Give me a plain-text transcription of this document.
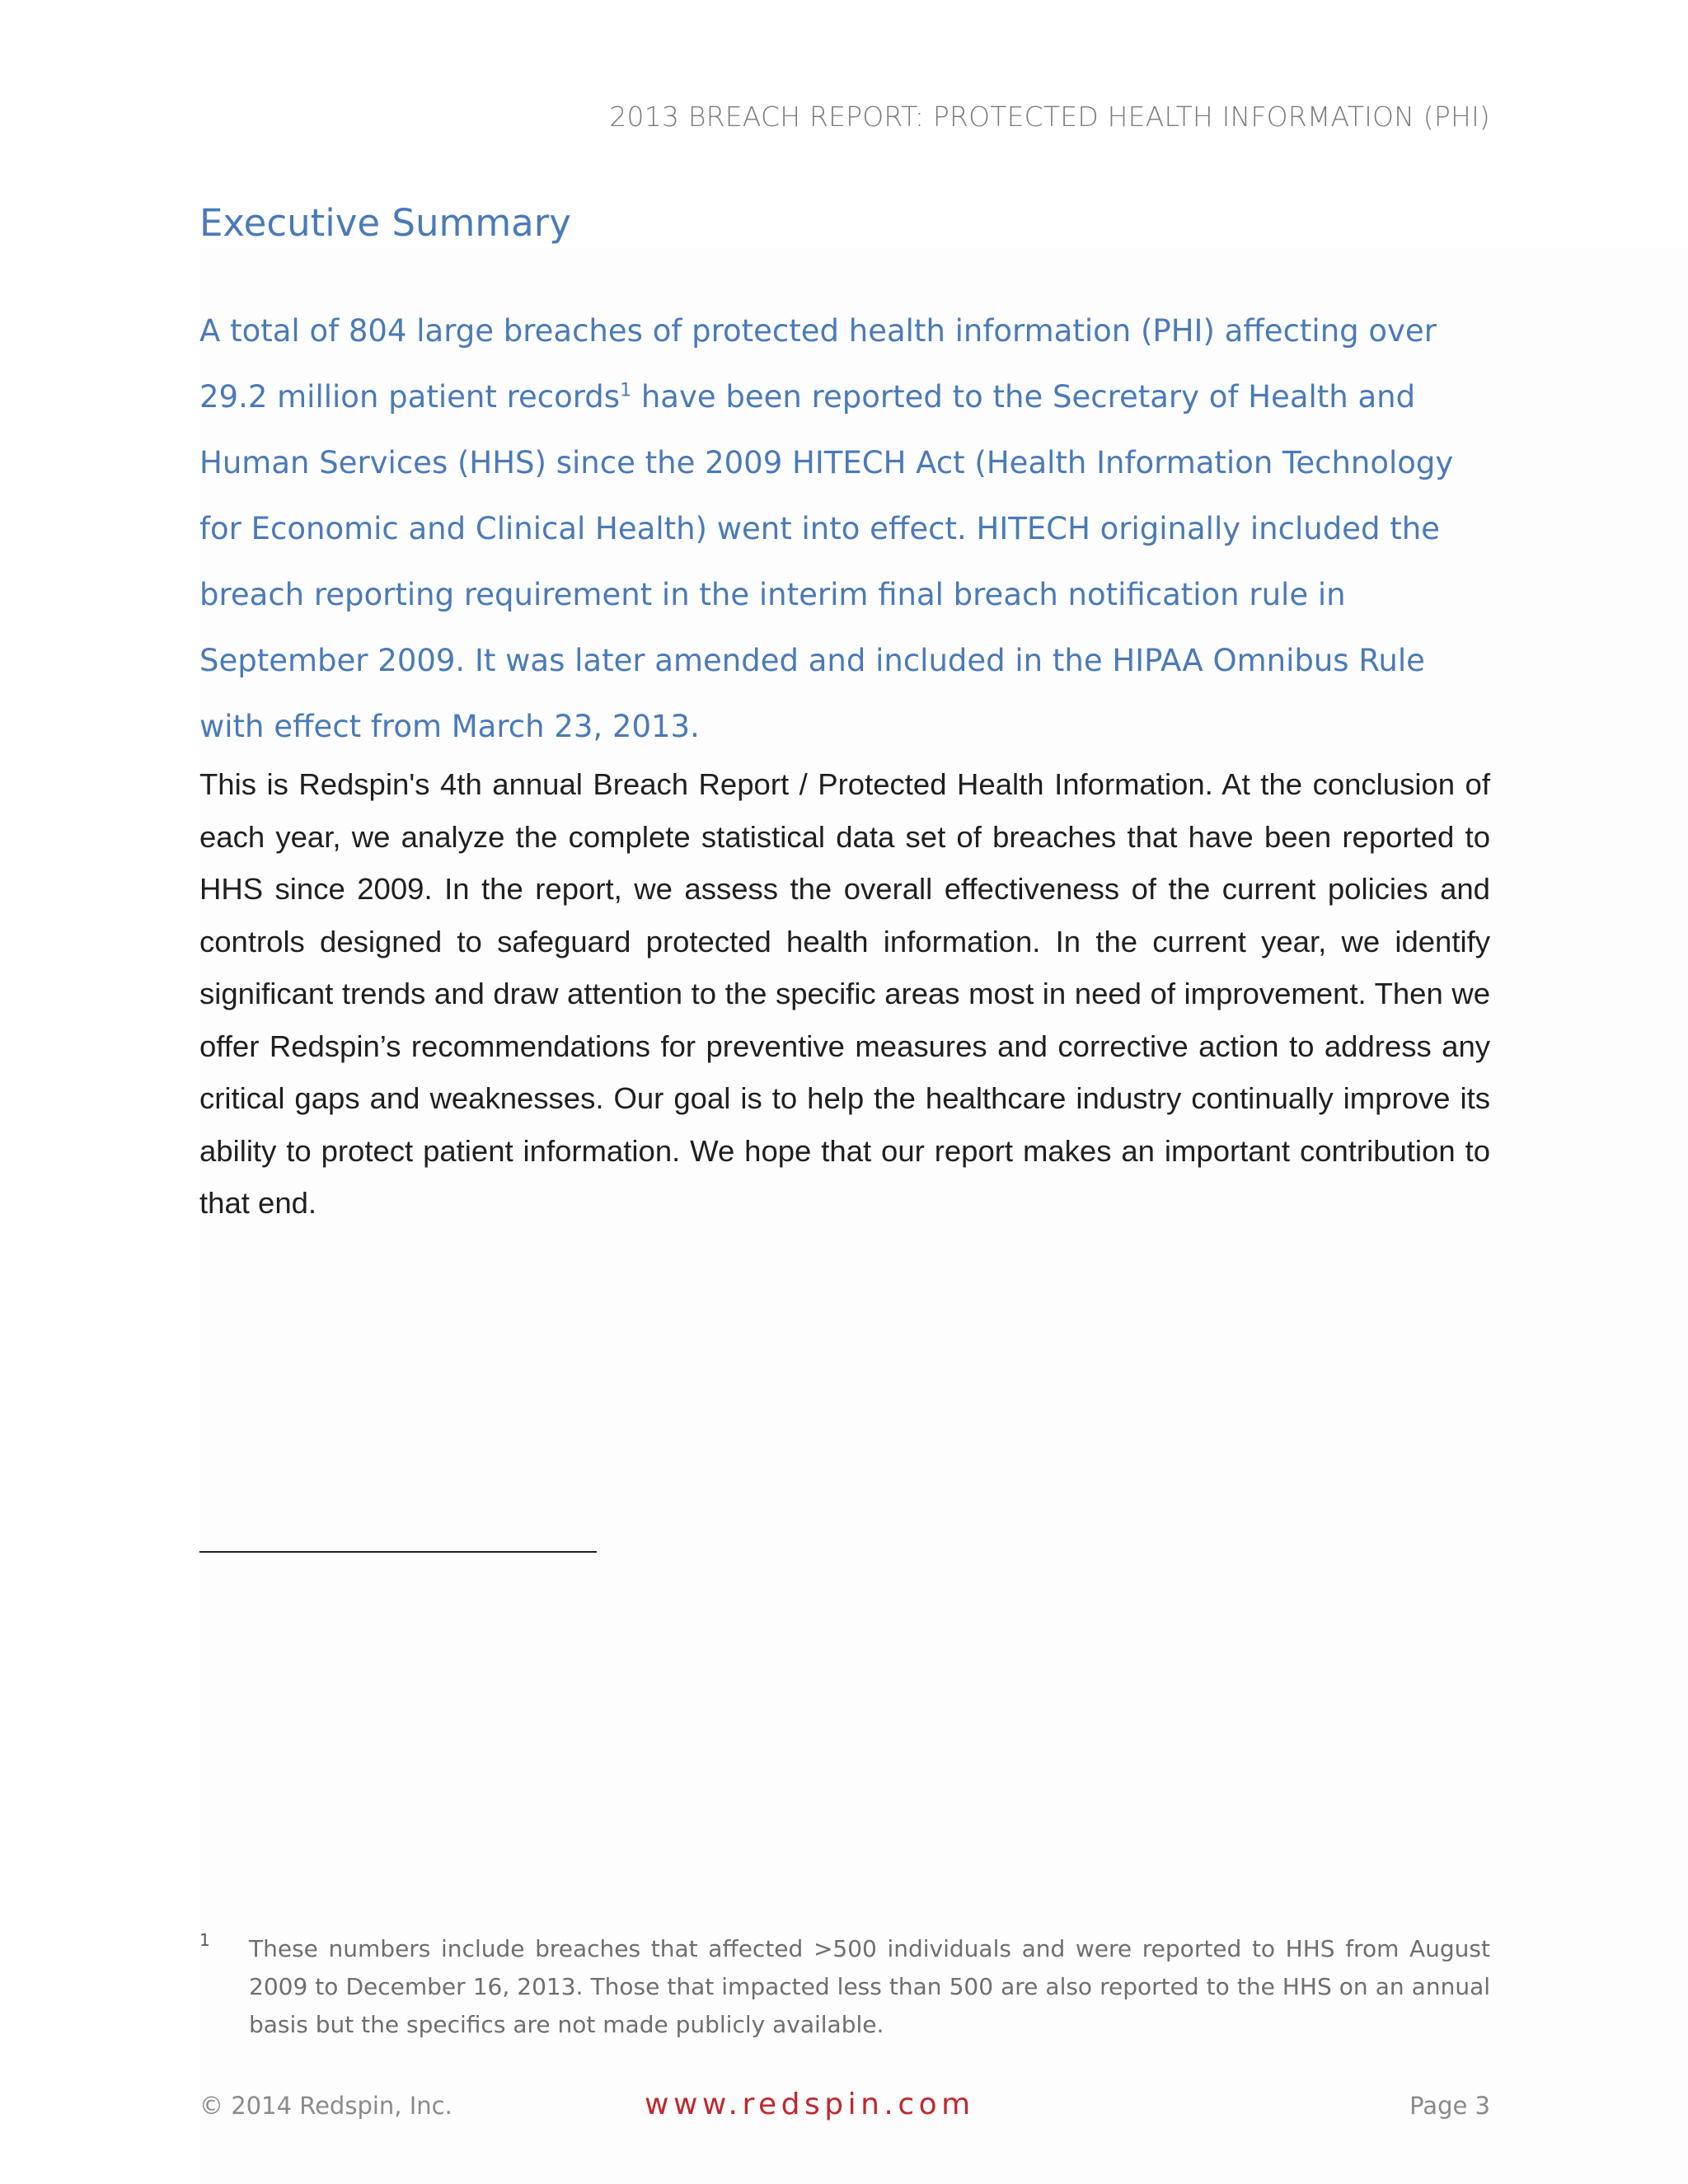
2013 BREACH REPORT: PROTECTED HEALTH INFORMATION (PHI)
Executive Summary

A total of 804 large breaches of protected health information (PHI) affecting over 29.2 million patient records$^1$ have been reported to the Secretary of Health and Human Services (HHS) since the 2009 HITECH Act (Health Information Technology for Economic and Clinical Health) went into effect. HITECH originally included the breach reporting requirement in the interim final breach notification rule in September 2009. It was later amended and included in the HIPAA Omnibus Rule with effect from March 23, 2013.

This is Redspin's 4th annual Breach Report / Protected Health Information. At the conclusion of each year, we analyze the complete statistical data set of breaches that have been reported to HHS since 2009. In the report, we assess the overall effectiveness of the current policies and controls designed to safeguard protected health information. In the current year, we identify significant trends and draw attention to the specific areas most in need of improvement. Then we offer Redspin’s recommendations for preventive measures and corrective action to address any critical gaps and weaknesses. Our goal is to help the healthcare industry continually improve its ability to protect patient information. We hope that our report makes an important contribution to that end.

1 These numbers include breaches that affected >500 individuals and were reported to HHS from August 2009 to December 16, 2013. Those that impacted less than 500 are also reported to the HHS on an annual basis but the specifics are not made publicly available.

© 2014 Redspin, Inc.	www.redspin.com	Page 3
